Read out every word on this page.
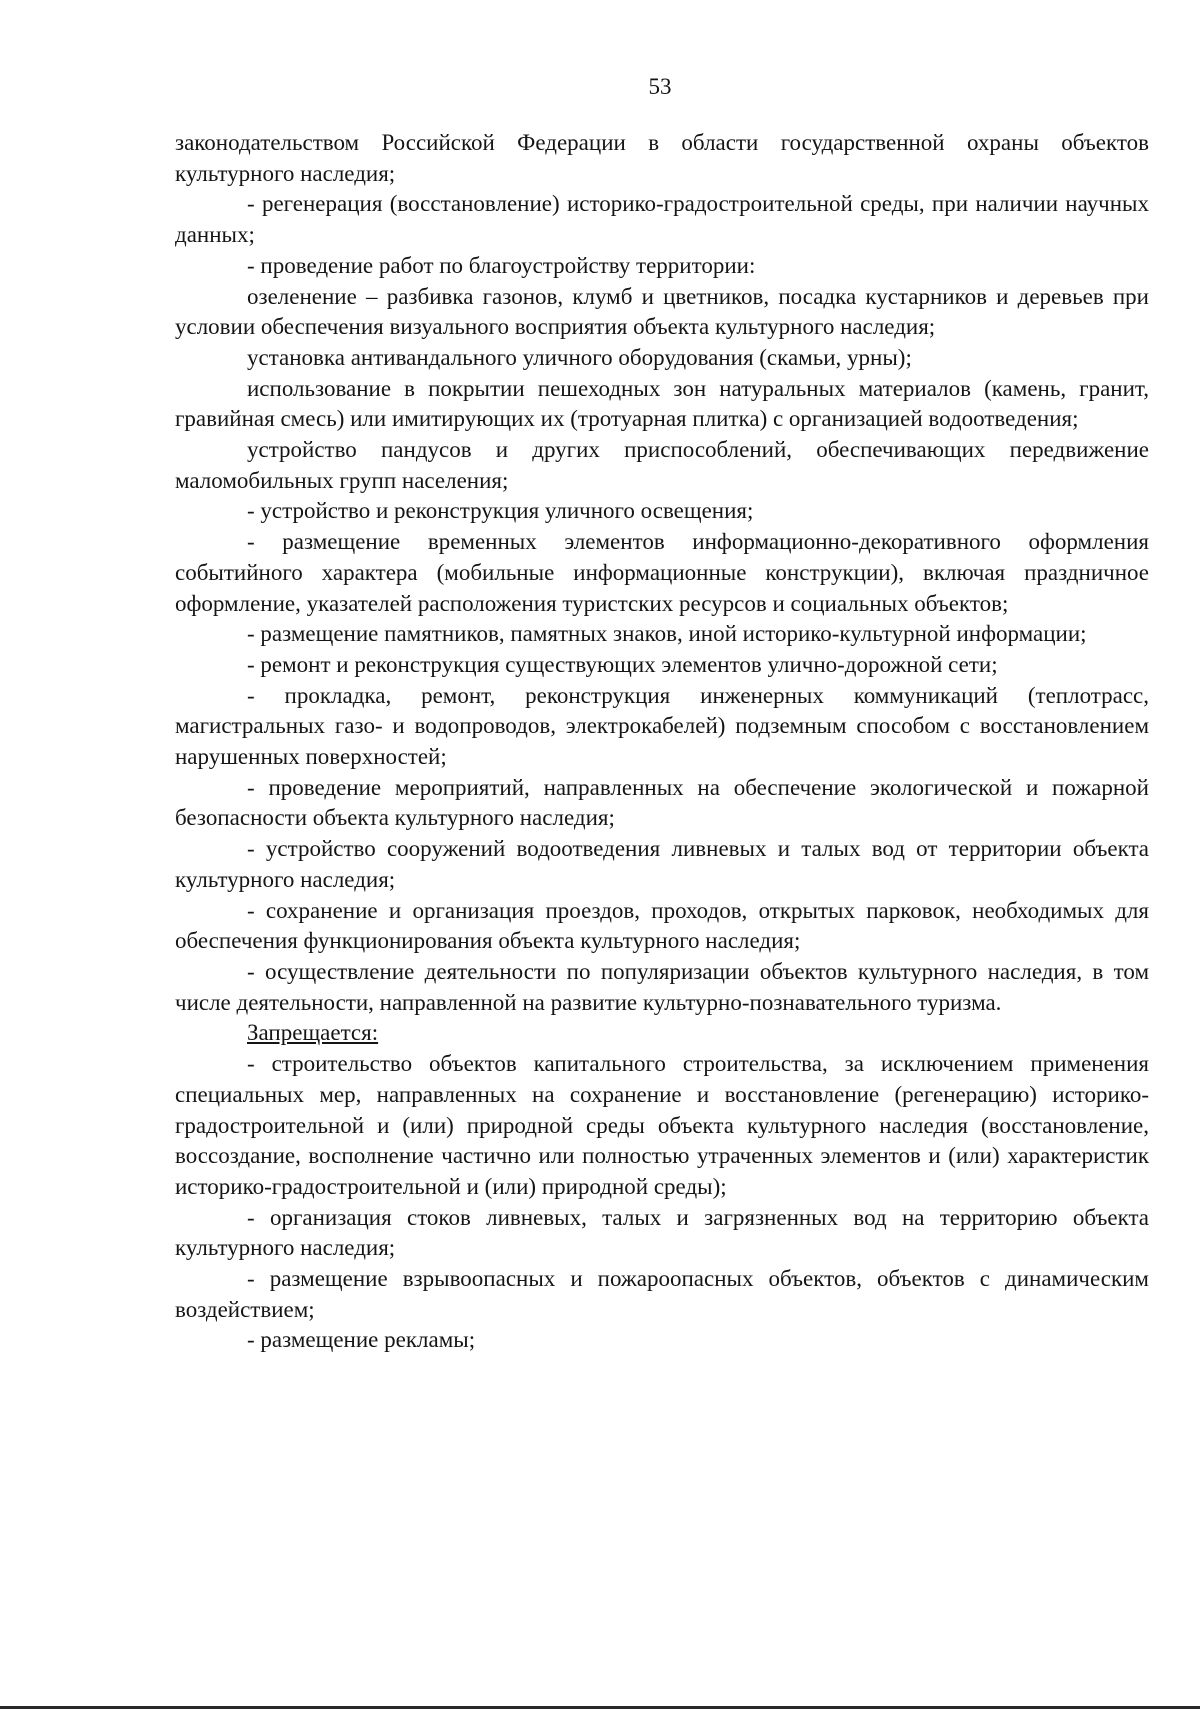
53

законодательством Российской Федерации в области государственной охраны объектов культурного наследия;

- регенерация (восстановление) историко-градостроительной среды, при наличии научных данных;

- проведение работ по благоустройству территории:

озеленение – разбивка газонов, клумб и цветников, посадка кустарников и деревьев при условии обеспечения визуального восприятия объекта культурного наследия;

установка антивандального уличного оборудования (скамьи, урны);

использование в покрытии пешеходных зон натуральных материалов (камень, гранит, гравийная смесь) или имитирующих их (тротуарная плитка) с организацией водоотведения;

устройство пандусов и других приспособлений, обеспечивающих передвижение маломобильных групп населения;

- устройство и реконструкция уличного освещения;

- размещение временных элементов информационно-декоративного оформления событийного характера (мобильные информационные конструкции), включая праздничное оформление, указателей расположения туристских ресурсов и социальных объектов;

- размещение памятников, памятных знаков, иной историко-культурной информации;

- ремонт и реконструкция существующих элементов улично-дорожной сети;

- прокладка, ремонт, реконструкция инженерных коммуникаций (теплотрасс, магистральных газо- и водопроводов, электрокабелей) подземным способом с восстановлением нарушенных поверхностей;

- проведение мероприятий, направленных на обеспечение экологической и пожарной безопасности объекта культурного наследия;

- устройство сооружений водоотведения ливневых и талых вод от территории объекта культурного наследия;

- сохранение и организация проездов, проходов, открытых парковок, необходимых для обеспечения функционирования объекта культурного наследия;

- осуществление деятельности по популяризации объектов культурного наследия, в том числе деятельности, направленной на развитие культурно-познавательного туризма.

Запрещается:

- строительство объектов капитального строительства, за исключением применения специальных мер, направленных на сохранение и восстановление (регенерацию) историко-градостроительной и (или) природной среды объекта культурного наследия (восстановление, воссоздание, восполнение частично или полностью утраченных элементов и (или) характеристик историко-градостроительной и (или) природной среды);

- организация стоков ливневых, талых и загрязненных вод на территорию объекта культурного наследия;

- размещение взрывоопасных и пожароопасных объектов, объектов с динамическим воздействием;

- размещение рекламы;
